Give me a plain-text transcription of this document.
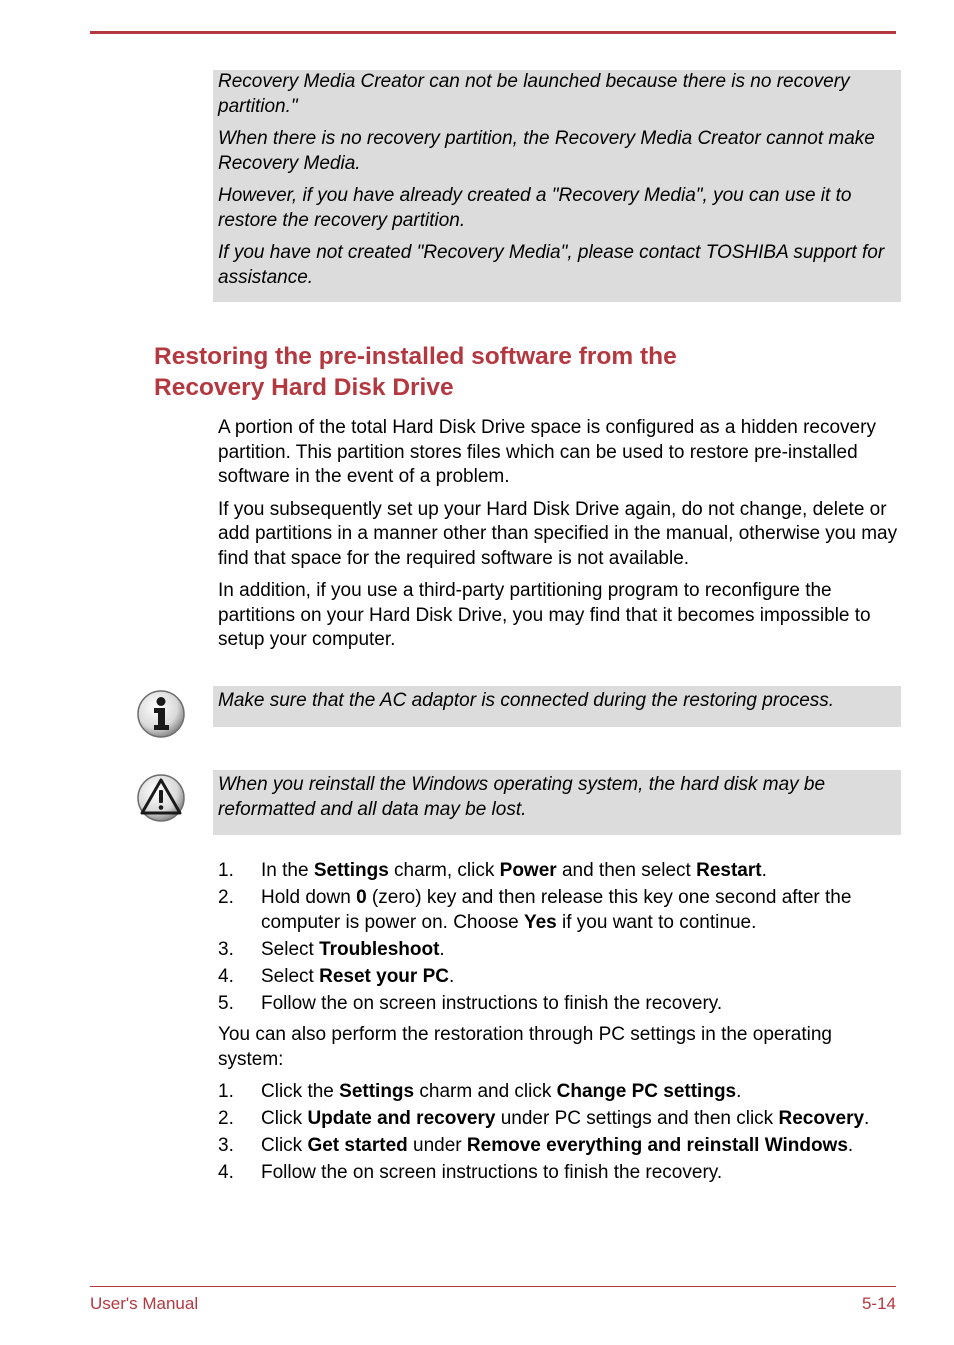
Recovery Media Creator can not be launched because there is no recovery partition."

When there is no recovery partition, the Recovery Media Creator cannot make Recovery Media.

However, if you have already created a "Recovery Media", you can use it to restore the recovery partition.

If you have not created "Recovery Media", please contact TOSHIBA support for assistance.

Restoring the pre-installed software from the
Recovery Hard Disk Drive

A portion of the total Hard Disk Drive space is configured as a hidden recovery partition. This partition stores files which can be used to restore pre-installed software in the event of a problem.

If you subsequently set up your Hard Disk Drive again, do not change, delete or add partitions in a manner other than specified in the manual, otherwise you may find that space for the required software is not available.

In addition, if you use a third-party partitioning program to reconfigure the partitions on your Hard Disk Drive, you may find that it becomes impossible to setup your computer.

Make sure that the AC adaptor is connected during the restoring process.

When you reinstall the Windows operating system, the hard disk may be reformatted and all data may be lost.

1. In the Settings charm, click Power and then select Restart.
2. Hold down 0 (zero) key and then release this key one second after the computer is power on. Choose Yes if you want to continue.
3. Select Troubleshoot.
4. Select Reset your PC.
5. Follow the on screen instructions to finish the recovery.

You can also perform the restoration through PC settings in the operating system:

1. Click the Settings charm and click Change PC settings.
2. Click Update and recovery under PC settings and then click Recovery.
3. Click Get started under Remove everything and reinstall Windows.
4. Follow the on screen instructions to finish the recovery.
User's Manual	5-14
